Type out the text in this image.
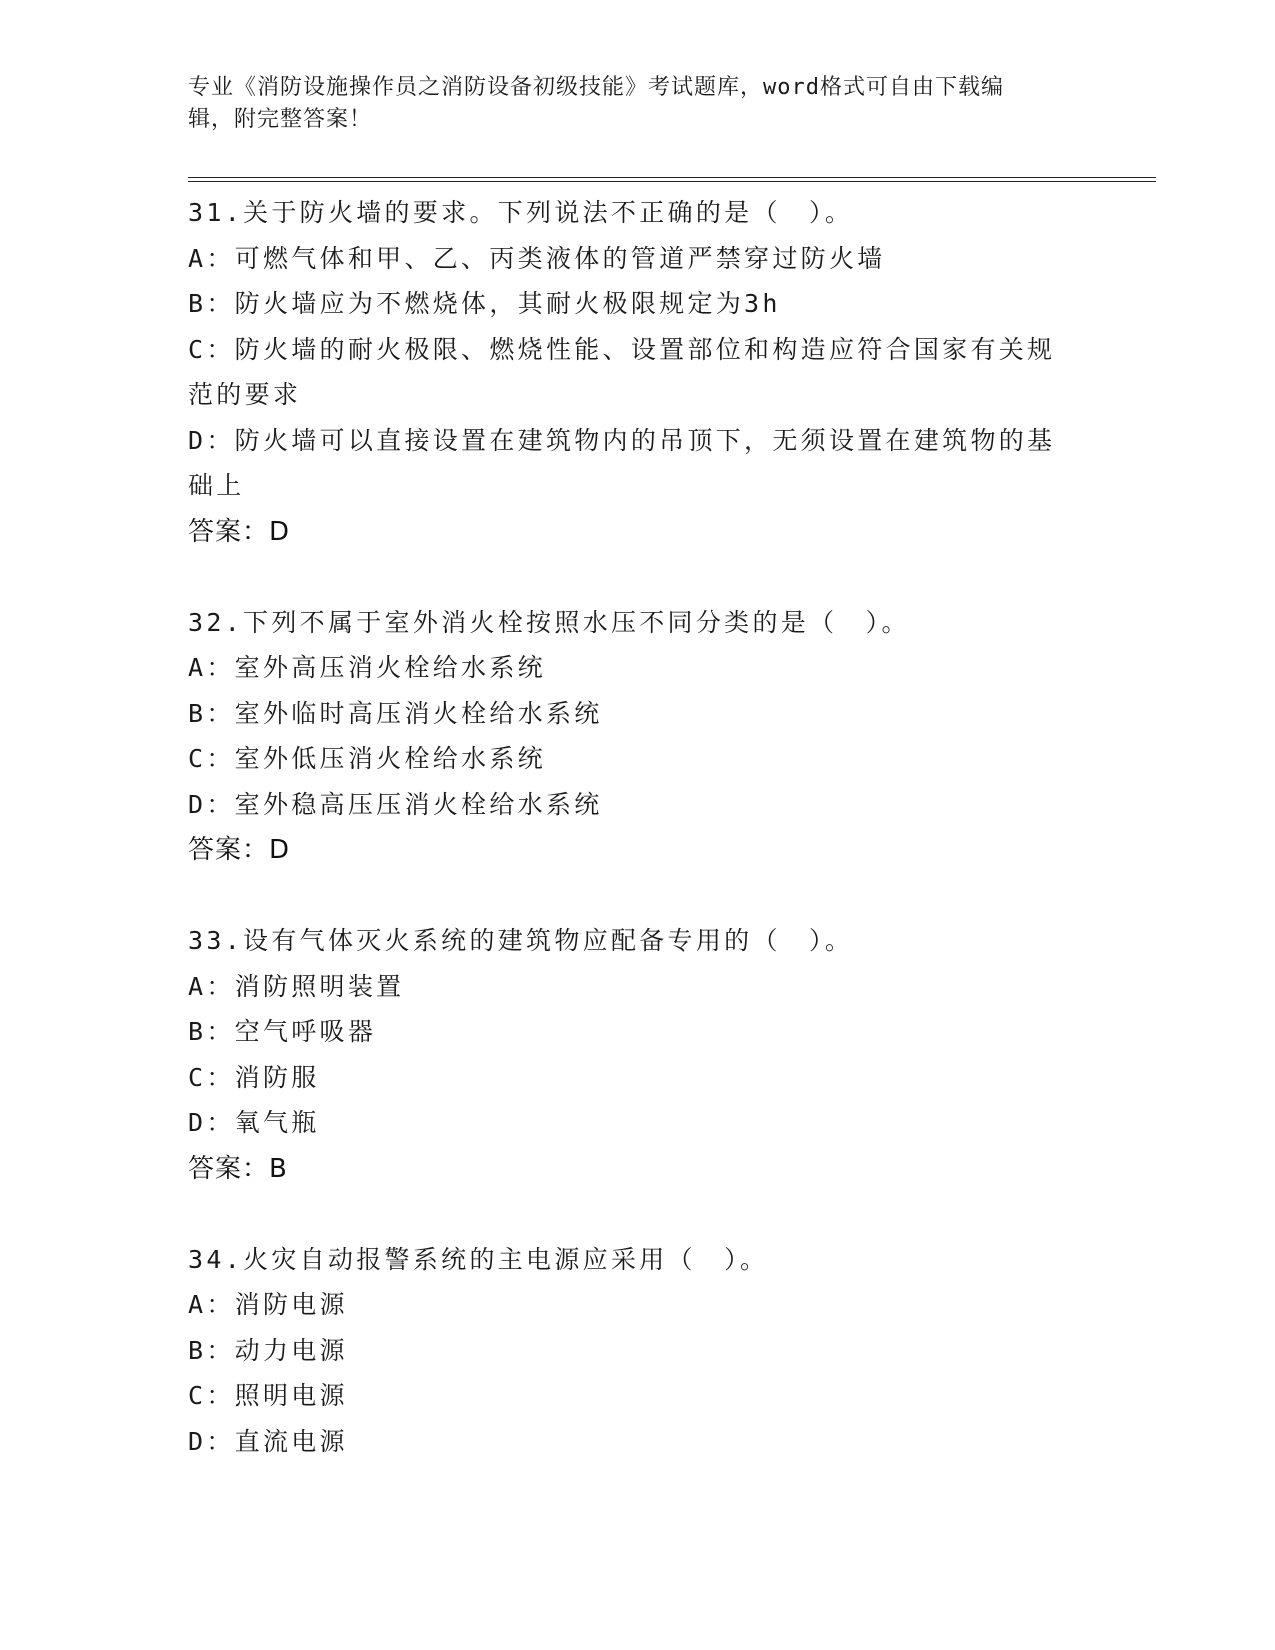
专业《消防设施操作员之消防设备初级技能》考试题库，word格式可自由下载编
辑，附完整答案！

31.关于防火墙的要求。下列说法不正确的是（　）。

A：可燃气体和甲、乙、丙类液体的管道严禁穿过防火墙

B：防火墙应为不燃烧体，其耐火极限规定为3h

C：防火墙的耐火极限、燃烧性能、设置部位和构造应符合国家有关规

范的要求

D：防火墙可以直接设置在建筑物内的吊顶下，无须设置在建筑物的基

础上

答案：D

32.下列不属于室外消火栓按照水压不同分类的是（　）。

A：室外高压消火栓给水系统

B：室外临时高压消火栓给水系统

C：室外低压消火栓给水系统

D：室外稳高压压消火栓给水系统

答案：D

33.设有气体灭火系统的建筑物应配备专用的（　）。

A：消防照明装置

B：空气呼吸器

C：消防服

D：氧气瓶

答案：B

34.火灾自动报警系统的主电源应采用（　）。

A：消防电源

B：动力电源

C：照明电源

D：直流电源
